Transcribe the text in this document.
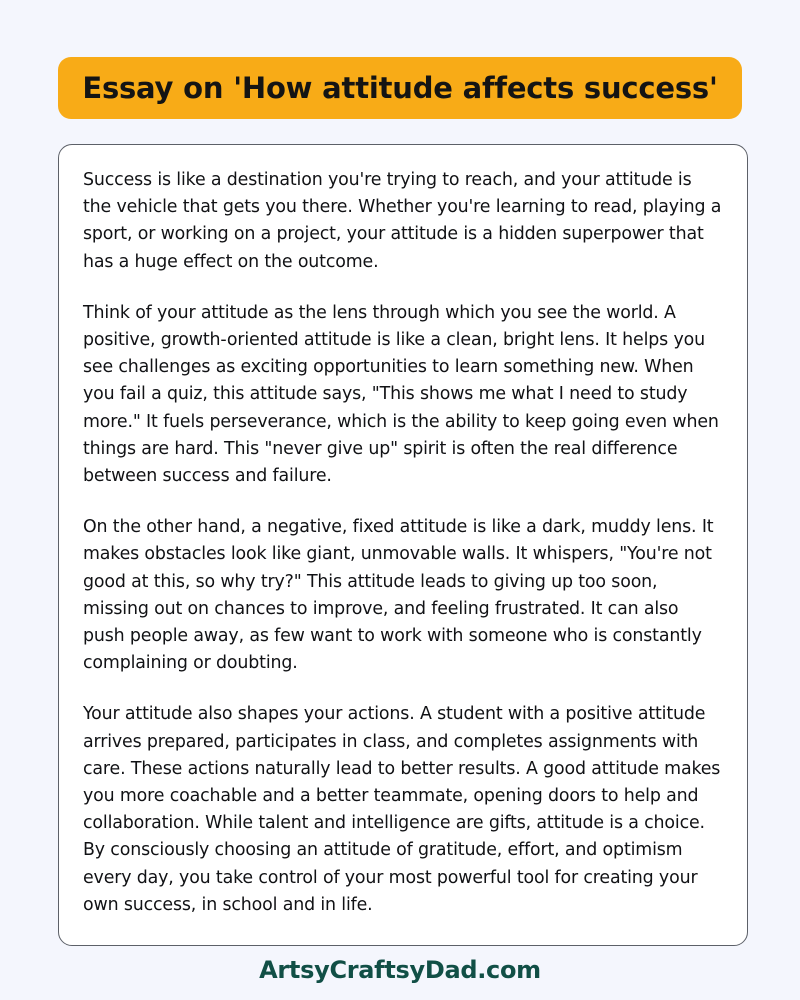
Essay on 'How attitude affects success'

Success is like a destination you're trying to reach, and your attitude is the vehicle that gets you there. Whether you're learning to read, playing a sport, or working on a project, your attitude is a hidden superpower that has a huge effect on the outcome.

Think of your attitude as the lens through which you see the world. A positive, growth-oriented attitude is like a clean, bright lens. It helps you see challenges as exciting opportunities to learn something new. When you fail a quiz, this attitude says, "This shows me what I need to study more." It fuels perseverance, which is the ability to keep going even when things are hard. This "never give up" spirit is often the real difference between success and failure.

On the other hand, a negative, fixed attitude is like a dark, muddy lens. It makes obstacles look like giant, unmovable walls. It whispers, "You're not good at this, so why try?" This attitude leads to giving up too soon, missing out on chances to improve, and feeling frustrated. It can also push people away, as few want to work with someone who is constantly complaining or doubting.

Your attitude also shapes your actions. A student with a positive attitude arrives prepared, participates in class, and completes assignments with care. These actions naturally lead to better results. A good attitude makes you more coachable and a better teammate, opening doors to help and collaboration. While talent and intelligence are gifts, attitude is a choice. By consciously choosing an attitude of gratitude, effort, and optimism every day, you take control of your most powerful tool for creating your own success, in school and in life.

ArtsyCraftsyDad.com
